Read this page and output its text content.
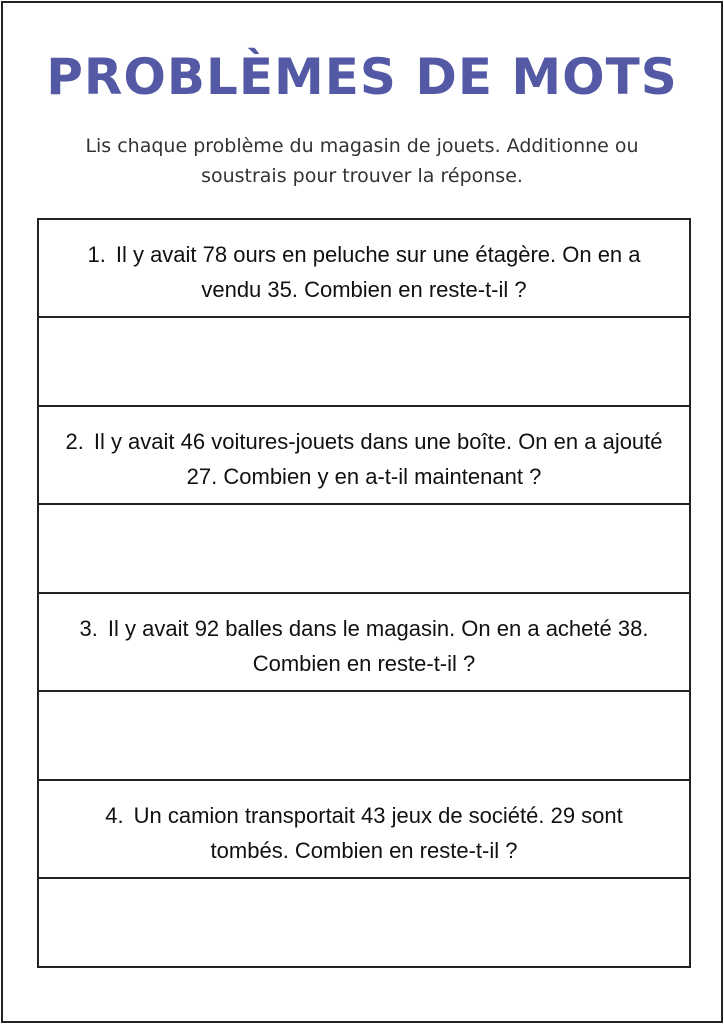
PROBLÈMES DE MOTS

Lis chaque problème du magasin de jouets. Additionne ou soustrais pour trouver la réponse.

1. Il y avait 78 ours en peluche sur une étagère. On en a vendu 35. Combien en reste-t-il ?

2. Il y avait 46 voitures-jouets dans une boîte. On en a ajouté 27. Combien y en a-t-il maintenant ?

3. Il y avait 92 balles dans le magasin. On en a acheté 38. Combien en reste-t-il ?

4. Un camion transportait 43 jeux de société. 29 sont tombés. Combien en reste-t-il ?
